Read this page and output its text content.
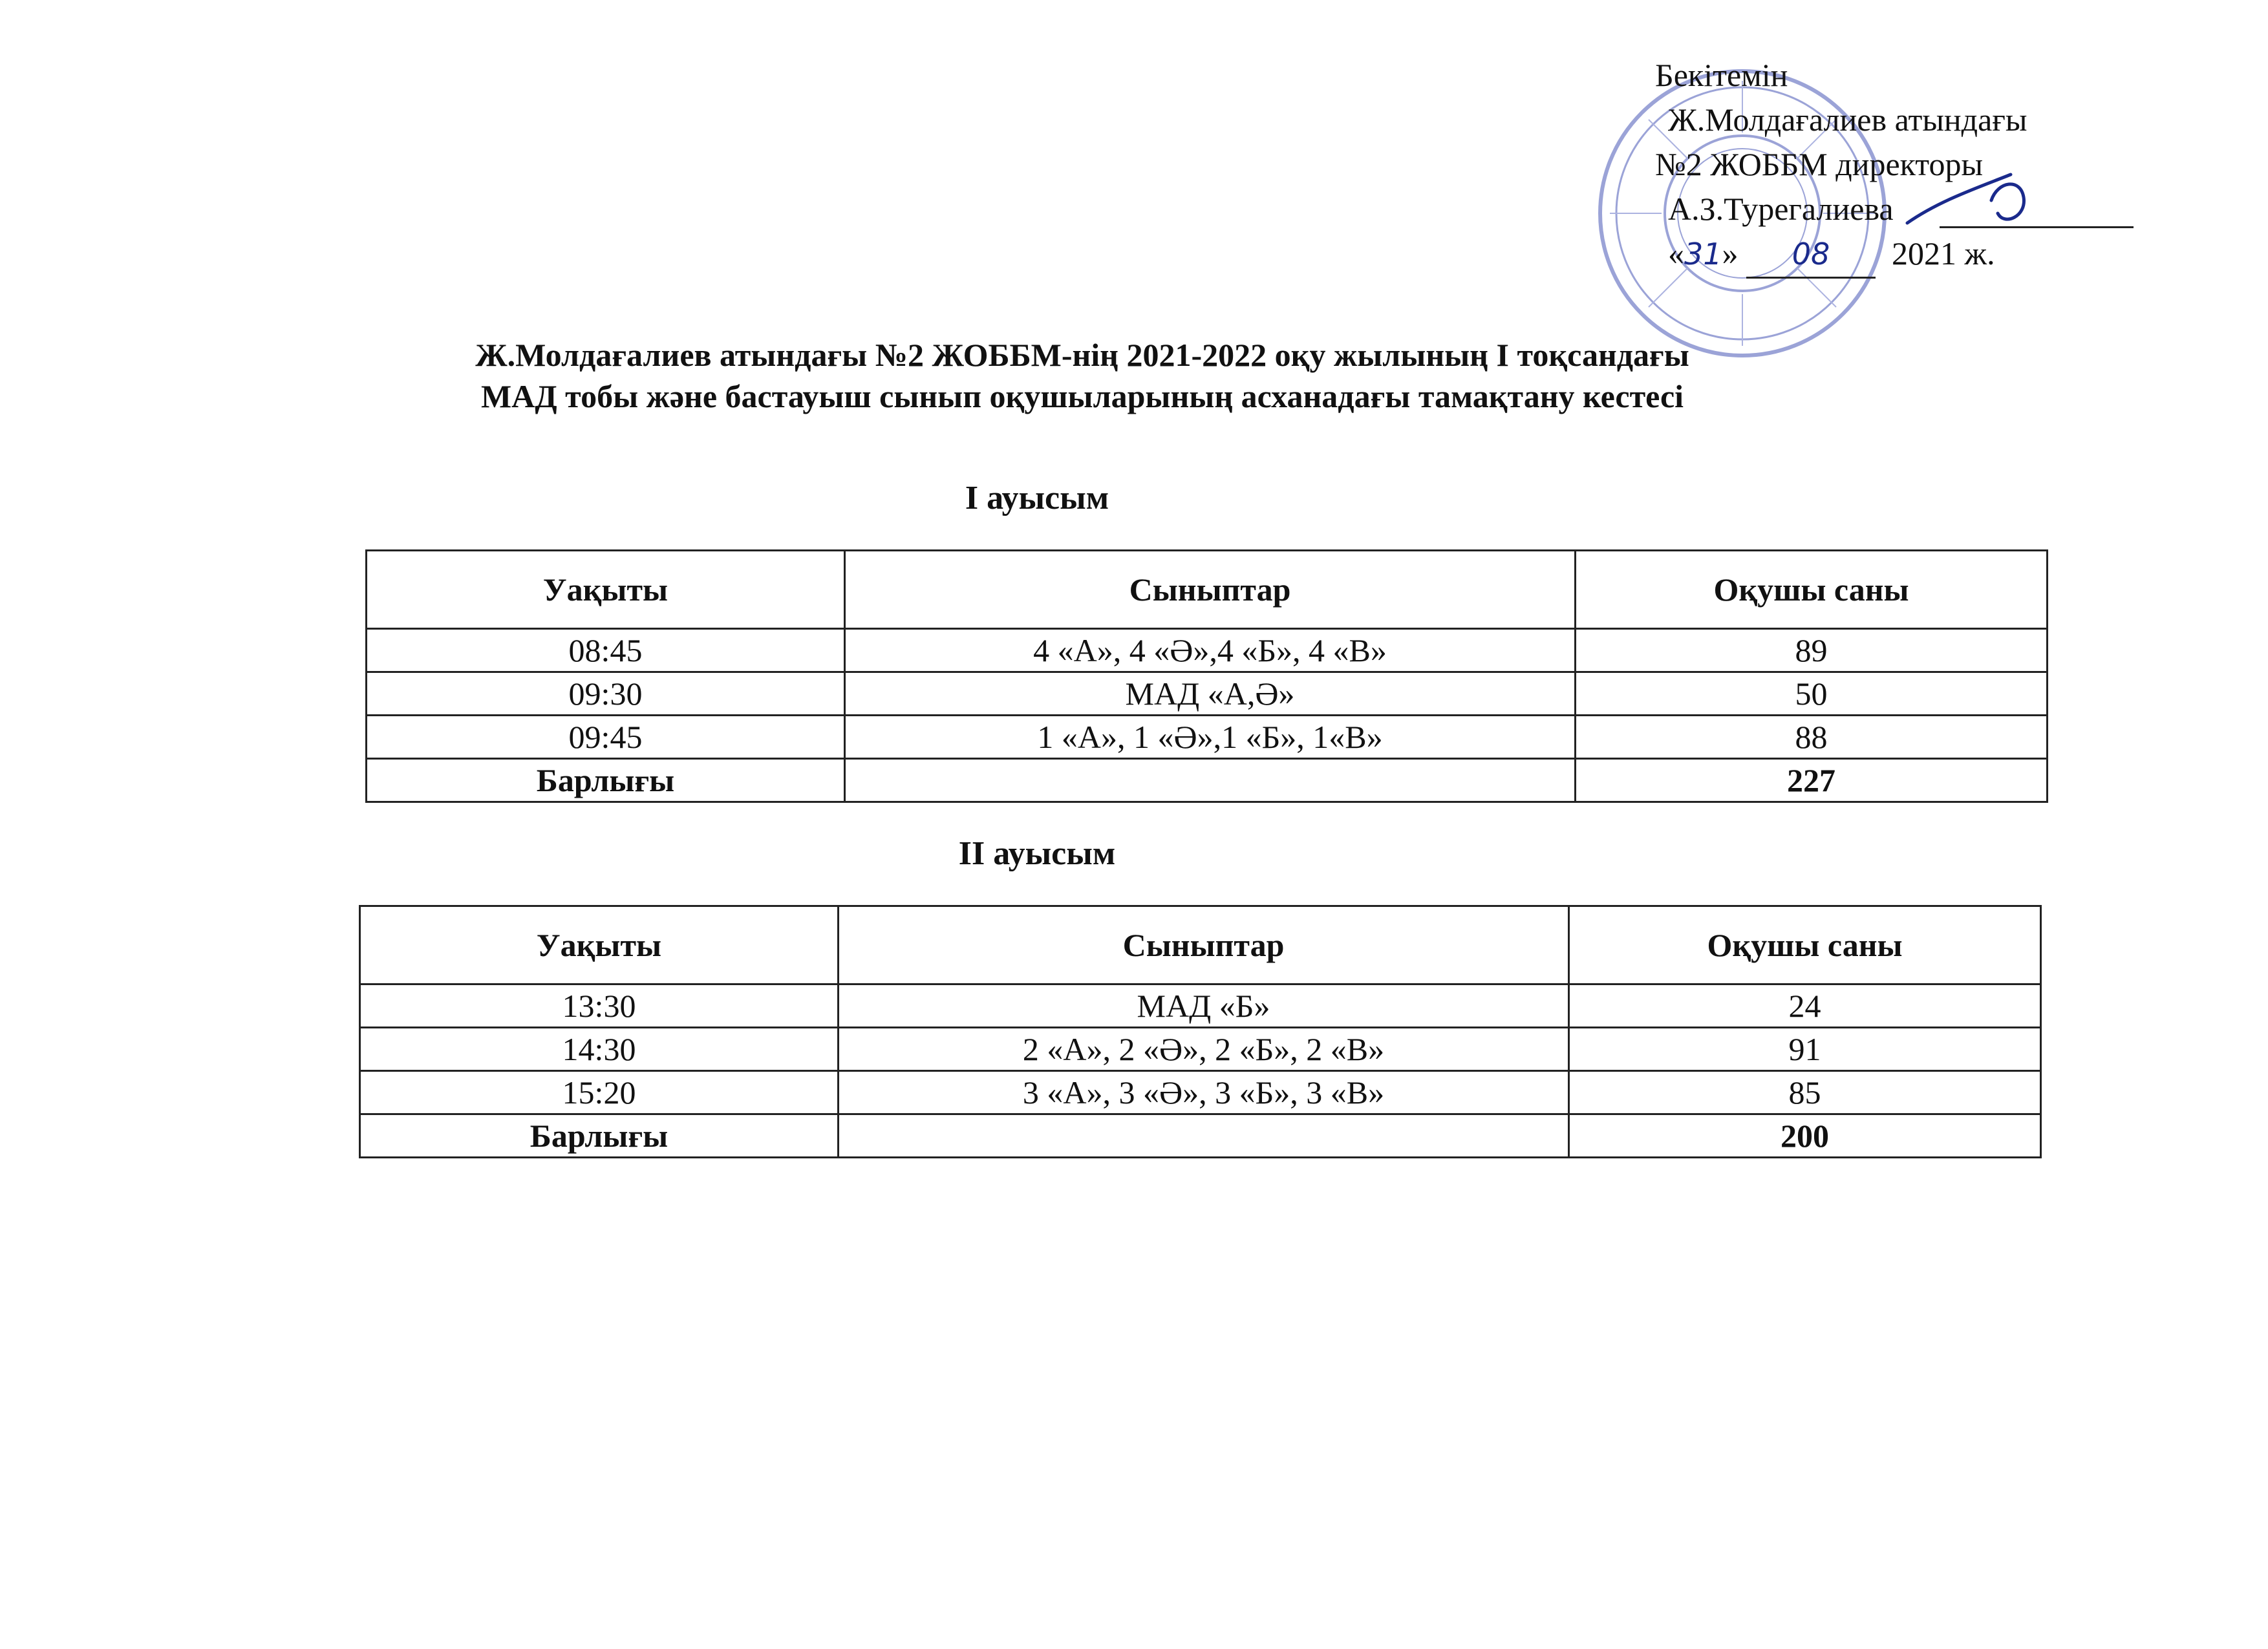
Бекітемін
Ж.Молдағалиев атындағы
№2 ЖОББМ директоры
А.З.Турегалиева
«31» 08 2021 ж.
Ж.Молдағалиев атындағы №2 ЖОББМ-нің 2021-2022 оқу жылының І тоқсандағы
МАД тобы және бастауыш сынып оқушыларының асханадағы тамақтану кестесі
І ауысым
Уақыты	Сыныптар	Оқушы саны
08:45	4 «А», 4 «Ә»,4 «Б», 4 «В»	89
09:30	МАД «А,Ә»	50
09:45	1 «А», 1 «Ә»,1 «Б», 1«В»	88
Барлығы		227
ІІ ауысым
Уақыты	Сыныптар	Оқушы саны
13:30	МАД «Б»	24
14:30	2 «А», 2 «Ә», 2 «Б», 2 «В»	91
15:20	3 «А», 3 «Ә», 3 «Б», 3 «В»	85
Барлығы		200
